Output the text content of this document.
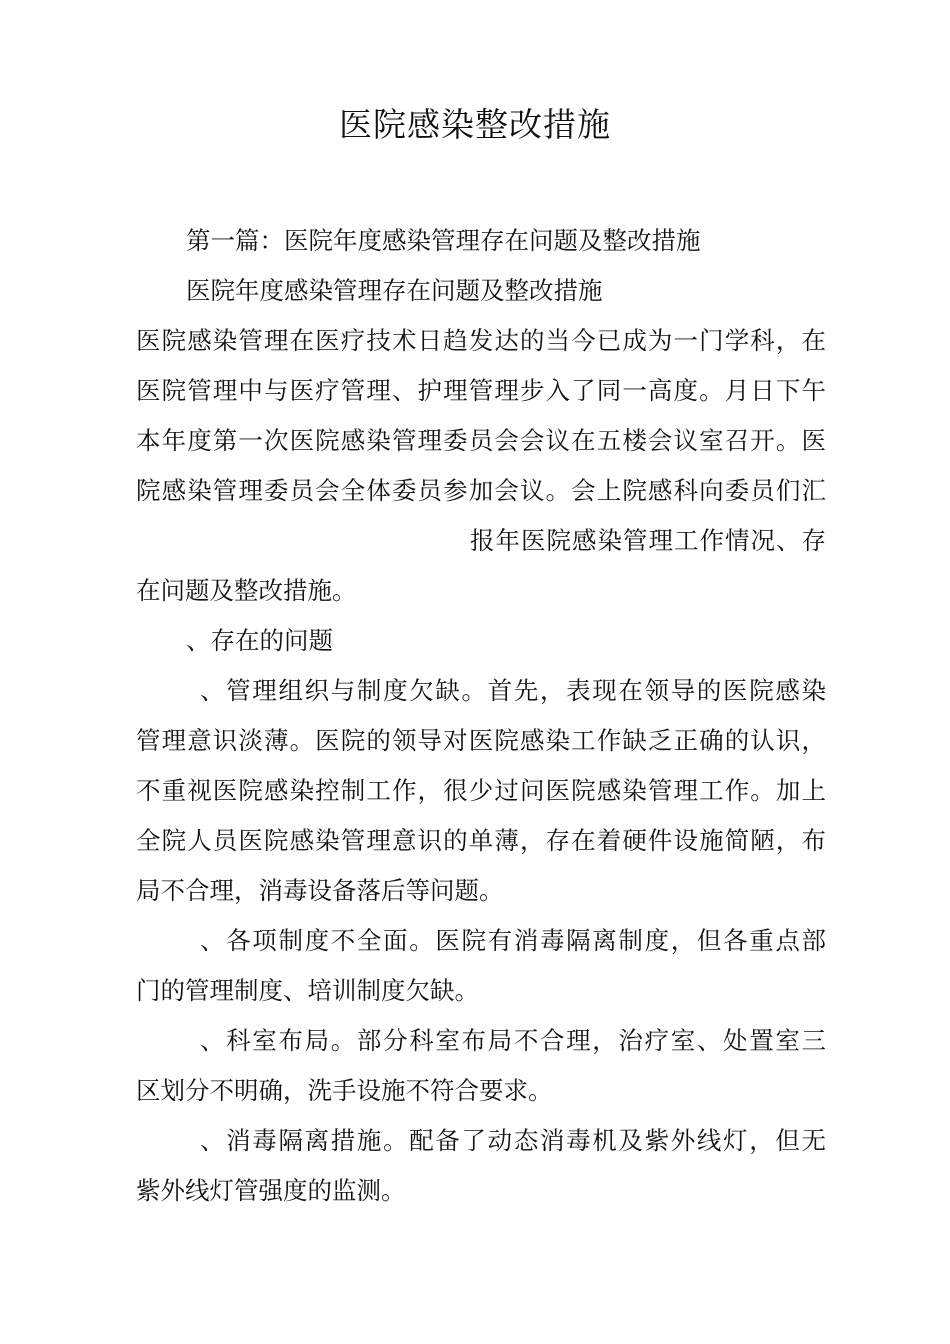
医院感染整改措施

第一篇：医院年度感染管理存在问题及整改措施

医院年度感染管理存在问题及整改措施

医院感染管理在医疗技术日趋发达的当今已成为一门学科，在

医院管理中与医疗管理、护理管理步入了同一高度。月日下午

本年度第一次医院感染管理委员会会议在五楼会议室召开。医

院感染管理委员会全体委员参加会议。会上院感科向委员们汇

报年医院感染管理工作情况、存

在问题及整改措施。

、存在的问题

、管理组织与制度欠缺。首先，表现在领导的医院感染

管理意识淡薄。医院的领导对医院感染工作缺乏正确的认识，

不重视医院感染控制工作，很少过问医院感染管理工作。加上

全院人员医院感染管理意识的单薄，存在着硬件设施简陋，布

局不合理，消毒设备落后等问题。

、各项制度不全面。医院有消毒隔离制度，但各重点部

门的管理制度、培训制度欠缺。

、科室布局。部分科室布局不合理，治疗室、处置室三

区划分不明确，洗手设施不符合要求。

、消毒隔离措施。配备了动态消毒机及紫外线灯，但无

紫外线灯管强度的监测。
